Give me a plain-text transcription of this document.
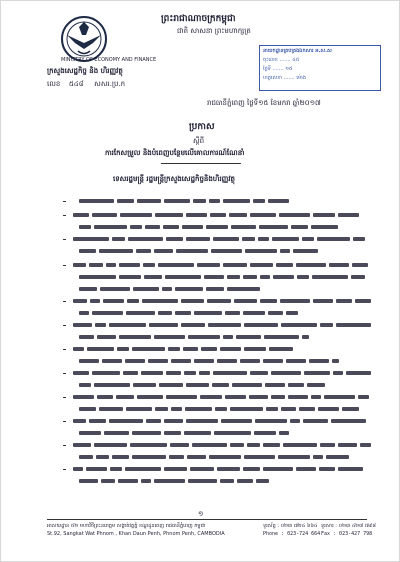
ព្រះរាជាណាចក្រកម្ពុជា
ជាតិ សាសនា ព្រះមហាក្សត្រ
MINISTRY OF ECONOMY AND FINANCE
ក្រសួងសេដ្ឋកិច្ច និង ហិរញ្ញវត្ថុ
លេខ ៥៤៨ សសរ.ប្រ.ក
នាយកដ្ឋានគ្រប់គ្រងឯកសារ អ.ស.ស
ចុះលេខ ....... ៤៥
ថ្ងៃទី ....... ១៥
ហត្ថលេខា ....... ម៉ោង
រាជធានីភ្នំពេញ ថ្ងៃទី១៥ ខែមករា ឆ្នាំ២០១៧
ប្រកាស
ស្តីពី
ការកែសម្រួល និងបំពេញបន្ថែមលើគោលការណ៍ណែនាំ
ទេសរដ្ឋមន្ត្រី រដ្ឋមន្ត្រីក្រសួងសេដ្ឋកិច្ចនិងហិរញ្ញវត្ថុ
១
អាសយដ្ឋាន ៥២ មហាវិថីព្រះនរោត្តម សង្កាត់វត្តភ្នំ ខណ្ឌដូនពេញ រាជធានីភ្នំពេញ កម្ពុជា
St.92, Sangkat Wat Phnom , Khan Daun Penh, Phnom Penh, CAMBODIA
ទូរស័ព្ទ : ០២៣ ៧២៤ ៦៦៤ ទូរសារ : ០២៣ ៤២៧ ៧៩៨
Phone : 023-724 664 Fax : 023-427 798
